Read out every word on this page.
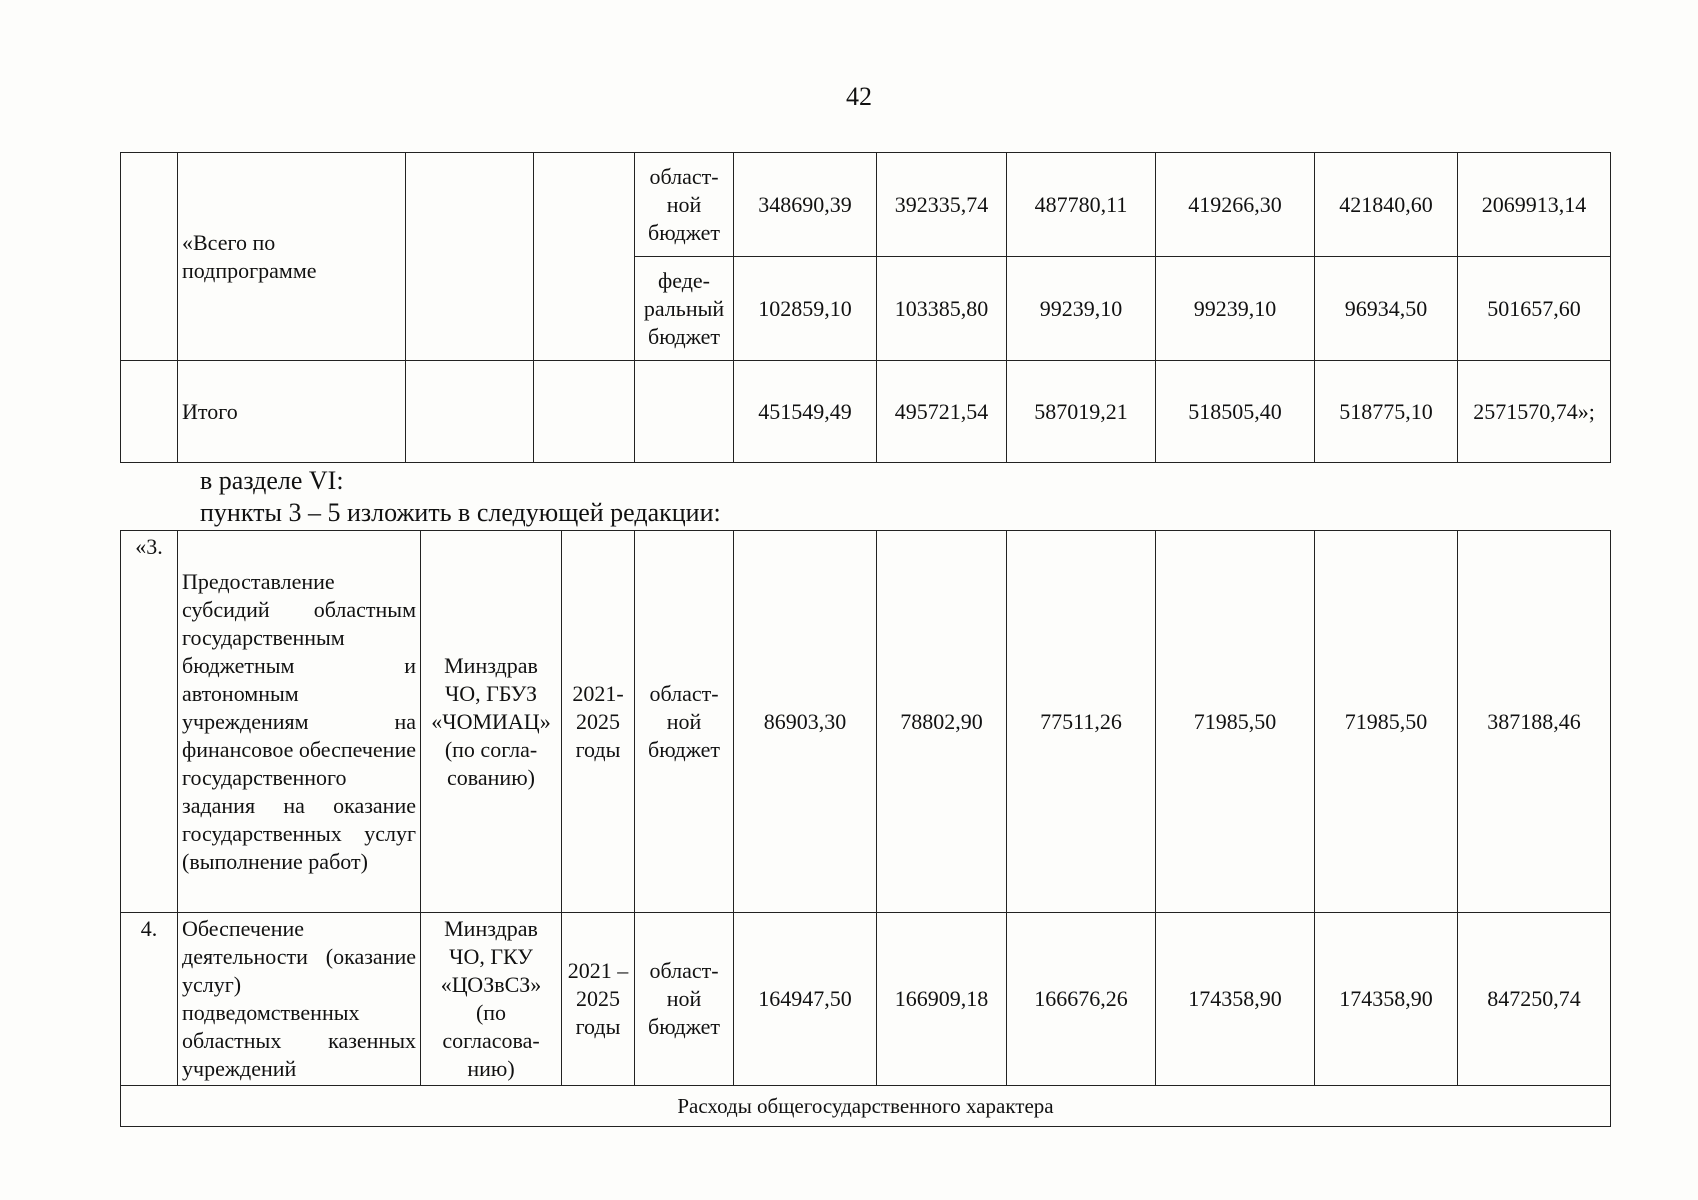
42
	«Всего по подпрограмме			област-ной бюджет	348690,39	392335,74	487780,11	419266,30	421840,60	2069913,14
				феде-ральный бюджет	102859,10	103385,80	99239,10	99239,10	96934,50	501657,60
	Итого				451549,49	495721,54	587019,21	518505,40	518775,10	2571570,74»;
в разделе VI:
пункты 3 – 5 изложить в следующей редакции:
«3.	Предоставление субсидий областным государственным бюджетным и автономным учреждениям на финансовое обеспечение государственного задания на оказание государственных услуг (выполнение работ)	Минздрав ЧО, ГБУЗ «ЧОМИАЦ» (по согла-сованию)	2021-2025 годы	област-ной бюджет	86903,30	78802,90	77511,26	71985,50	71985,50	387188,46
4.	Обеспечение деятельности (оказание услуг) подведомственных областных казенных учреждений	Минздрав ЧО, ГКУ «ЦОЗвСЗ» (по согласова-нию)	2021 – 2025 годы	област-ной бюджет	164947,50	166909,18	166676,26	174358,90	174358,90	847250,74
Расходы общегосударственного характера										
